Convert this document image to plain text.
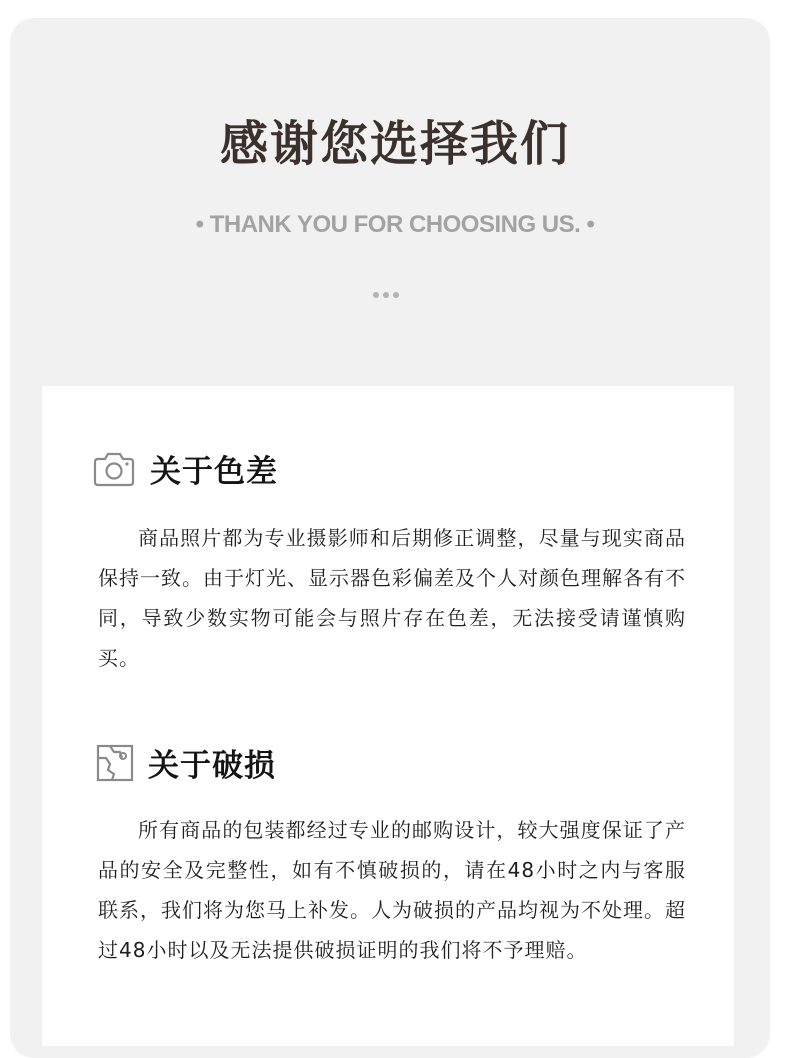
感谢您选择我们
• THANK YOU FOR CHOOSING US. •
关于色差
商品照片都为专业摄影师和后期修正调整，尽量与现实商品保持一致。由于灯光、显示器色彩偏差及个人对颜色理解各有不同，导致少数实物可能会与照片存在色差，无法接受请谨慎购买。
关于破损
所有商品的包装都经过专业的邮购设计，较大强度保证了产品的安全及完整性，如有不慎破损的，请在48小时之内与客服联系，我们将为您马上补发。人为破损的产品均视为不处理。超过48小时以及无法提供破损证明的我们将不予理赔。
